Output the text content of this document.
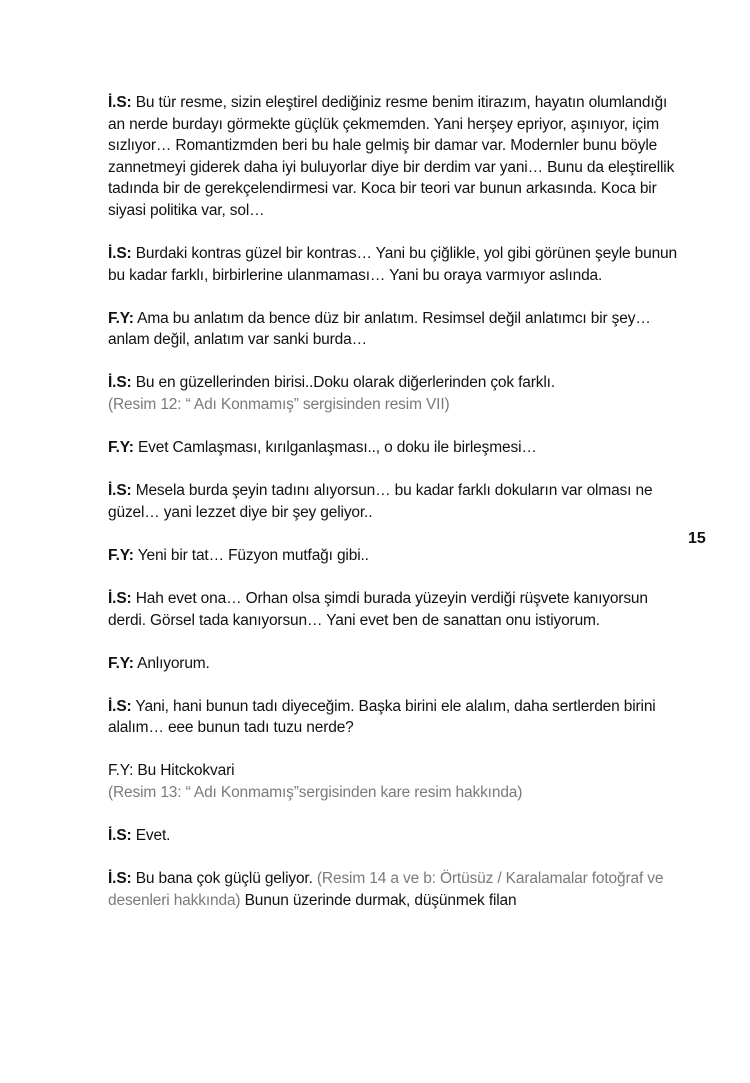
İ.S: Bu tür resme, sizin eleştirel dediğiniz resme benim itirazım, hayatın olumlandığı an nerde burdayı görmekte güçlük çekmemden. Yani herşey epriyor, aşınıyor, içim sızlıyor… Romantizmden beri bu hale gelmiş bir damar var. Modernler bunu böyle zannetmeyi giderek daha iyi buluyorlar diye bir derdim var yani… Bunu da eleştirellik tadında bir de gerekçelendirmesi var. Koca bir teori var bunun arkasında. Koca bir siyasi politika var, sol…

İ.S: Burdaki kontras güzel bir kontras… Yani bu çiğlikle, yol gibi görünen şeyle bunun bu kadar farklı, birbirlerine ulanmaması… Yani bu oraya varmıyor aslında.

F.Y: Ama bu anlatım da bence düz bir anlatım. Resimsel değil anlatımcı bir şey… anlam değil, anlatım var sanki burda…

İ.S: Bu en güzellerinden birisi..Doku olarak diğerlerinden çok farklı.
(Resim 12: “ Adı Konmamış” sergisinden resim VII)

F.Y: Evet Camlaşması, kırılganlaşması.., o doku ile birleşmesi…

İ.S: Mesela burda şeyin tadını alıyorsun… bu kadar farklı dokuların var olması ne güzel… yani lezzet diye bir şey geliyor..

F.Y: Yeni bir tat… Füzyon mutfağı gibi..

İ.S: Hah evet ona… Orhan olsa şimdi burada yüzeyin verdiği rüşvete kanıyorsun derdi. Görsel tada kanıyorsun… Yani evet ben de sanattan onu istiyorum.

F.Y: Anlıyorum.

İ.S: Yani, hani bunun tadı diyeceğim. Başka birini ele alalım, daha sertlerden birini alalım… eee bunun tadı tuzu nerde?

F.Y: Bu Hitckokvari
(Resim 13: “ Adı Konmamış”sergisinden kare resim hakkında)

İ.S: Evet.

İ.S: Bu bana çok güçlü geliyor. (Resim 14 a ve b: Örtüsüz / Karalamalar fotoğraf ve desenleri hakkında) Bunun üzerinde durmak, düşünmek filan

15
